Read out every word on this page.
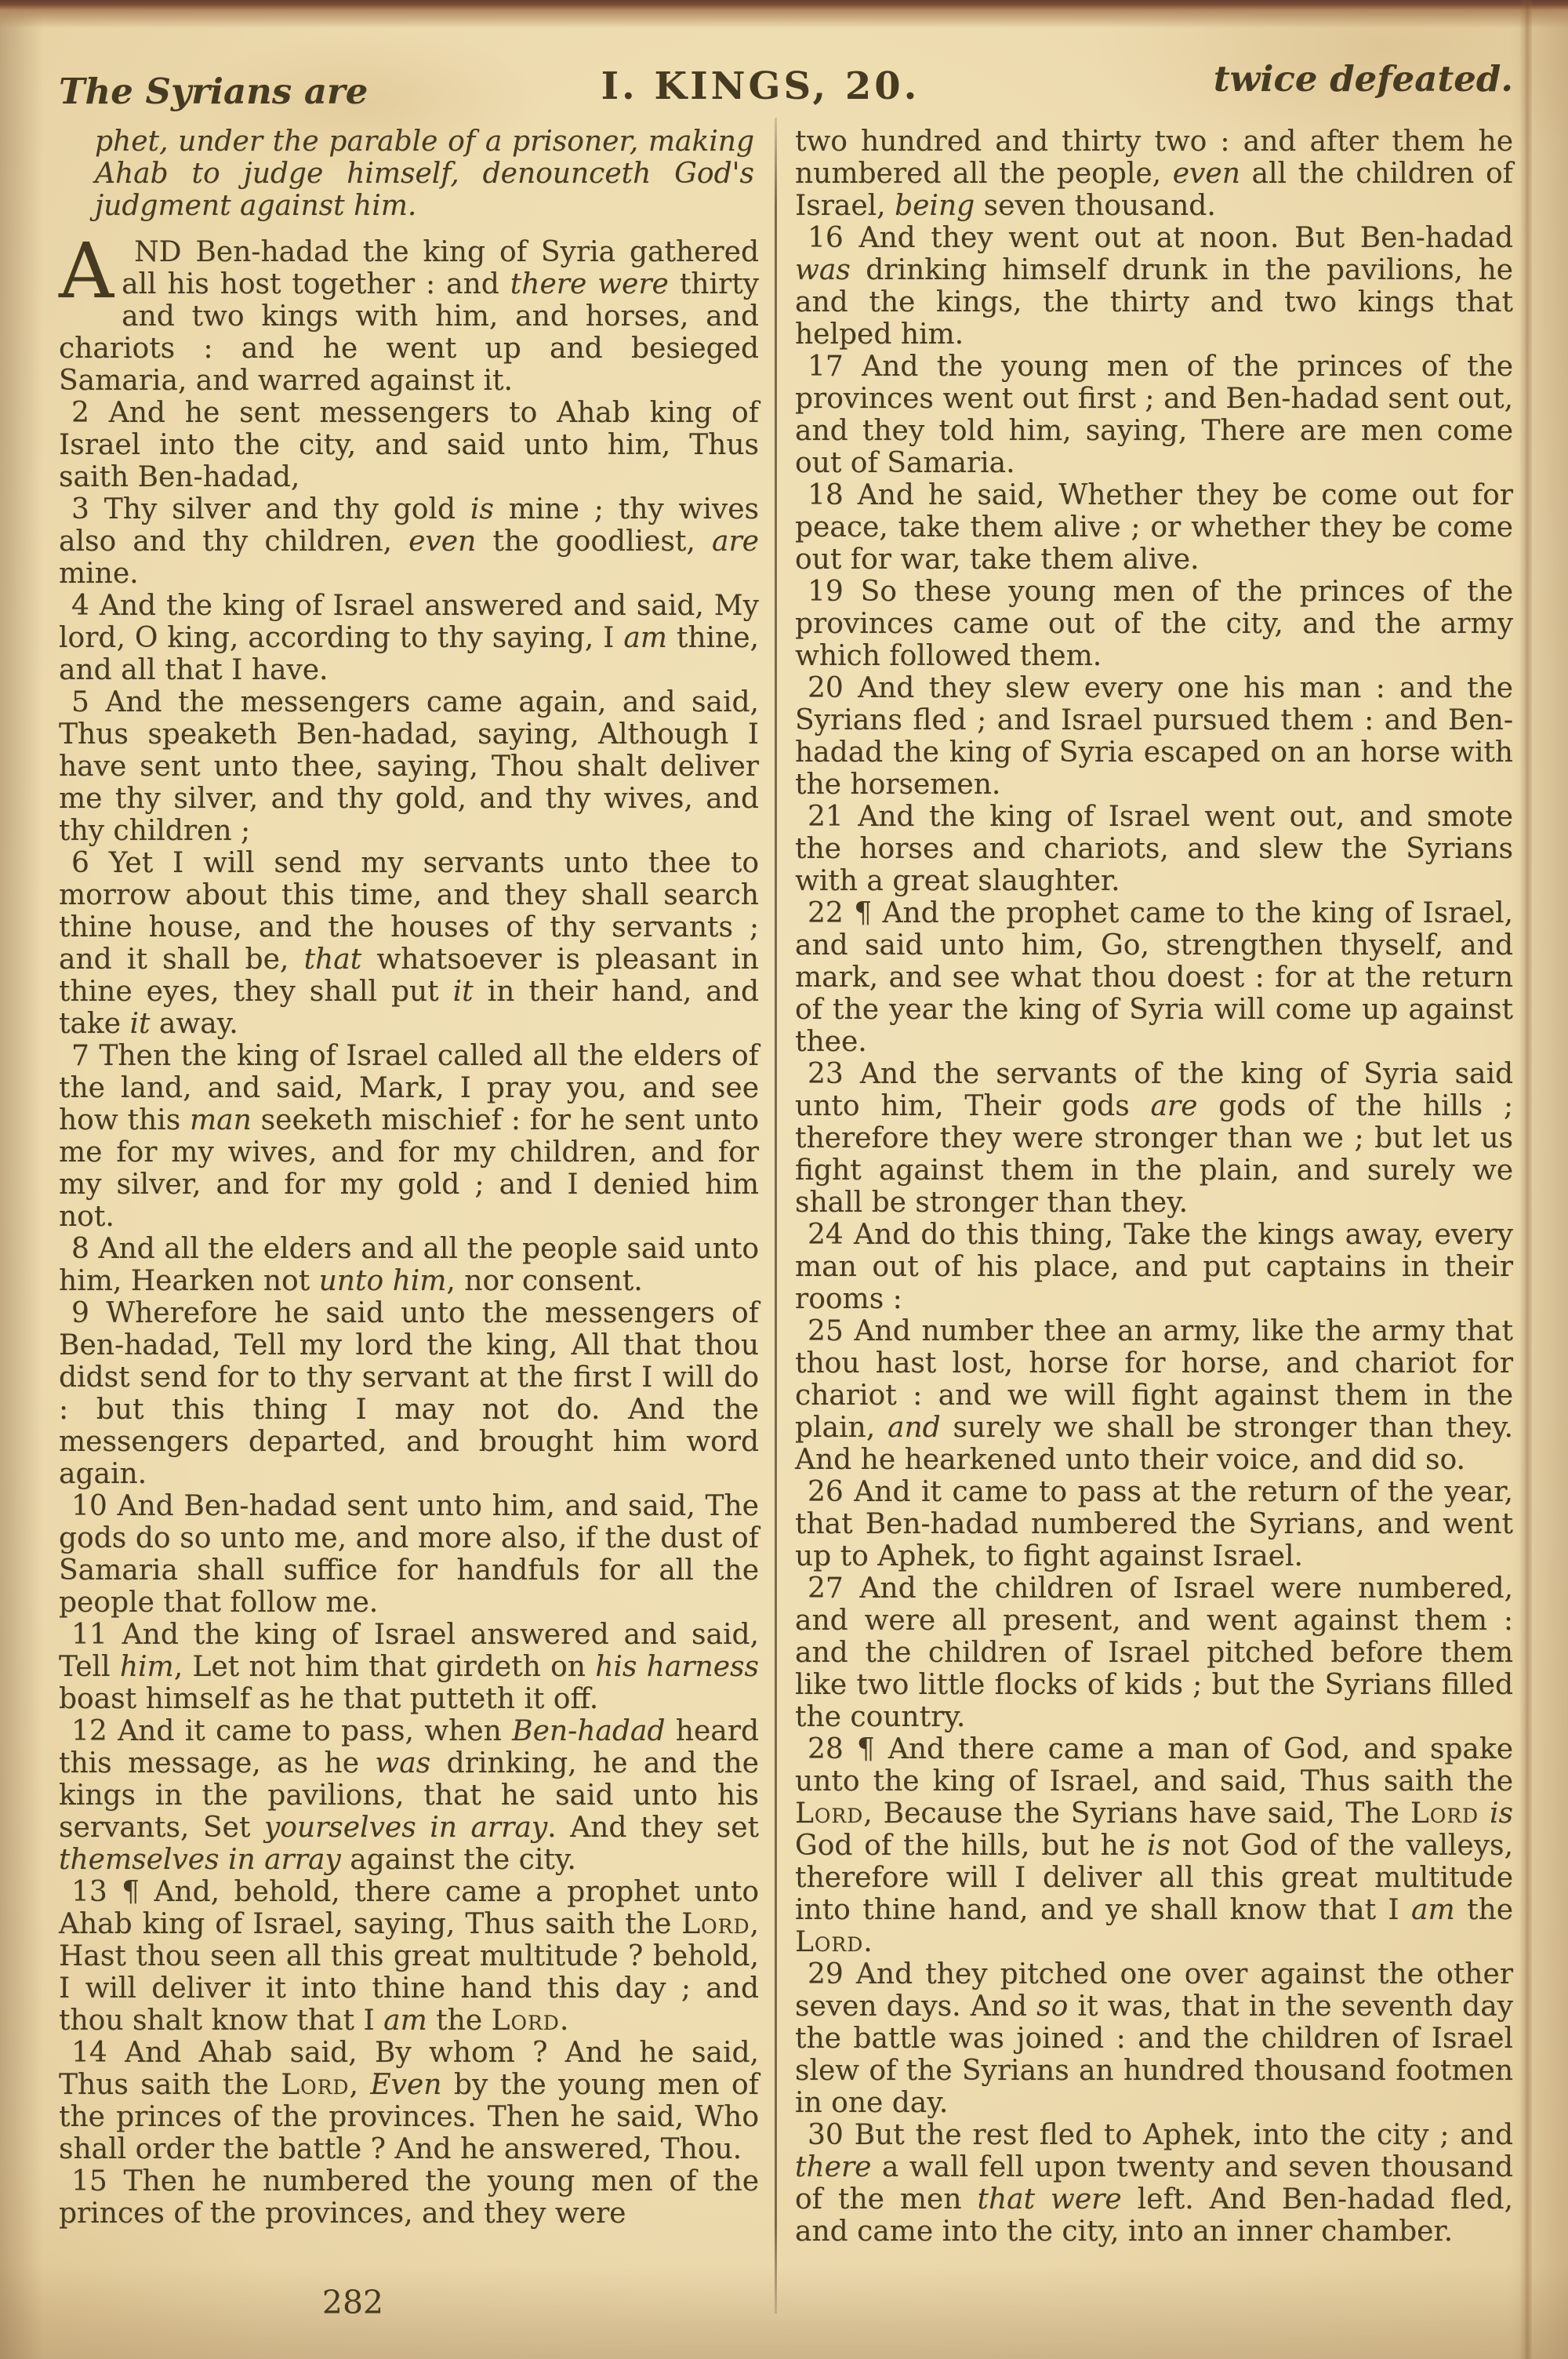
The Syrians are	I. KINGS, 20.	twice defeated.

phet, under the parable of a prisoner, making Ahab to judge himself, denounceth God's judgment against him.

AND Ben-hadad the king of Syria gathered all his host together : and there were thirty and two kings with him, and horses, and chariots : and he went up and besieged Samaria, and warred against it.

2 And he sent messengers to Ahab king of Israel into the city, and said unto him, Thus saith Ben-hadad,

3 Thy silver and thy gold is mine ; thy wives also and thy children, even the goodliest, are mine.

4 And the king of Israel answered and said, My lord, O king, according to thy saying, I am thine, and all that I have.

5 And the messengers came again, and said, Thus speaketh Ben-hadad, saying, Although I have sent unto thee, saying, Thou shalt deliver me thy silver, and thy gold, and thy wives, and thy children ;

6 Yet I will send my servants unto thee to morrow about this time, and they shall search thine house, and the houses of thy servants ; and it shall be, that whatsoever is pleasant in thine eyes, they shall put it in their hand, and take it away.

7 Then the king of Israel called all the elders of the land, and said, Mark, I pray you, and see how this man seeketh mischief : for he sent unto me for my wives, and for my children, and for my silver, and for my gold ; and I denied him not.

8 And all the elders and all the people said unto him, Hearken not unto him, nor consent.

9 Wherefore he said unto the messengers of Ben-hadad, Tell my lord the king, All that thou didst send for to thy servant at the first I will do : but this thing I may not do. And the messengers departed, and brought him word again.

10 And Ben-hadad sent unto him, and said, The gods do so unto me, and more also, if the dust of Samaria shall suffice for handfuls for all the people that follow me.

11 And the king of Israel answered and said, Tell him, Let not him that girdeth on his harness boast himself as he that putteth it off.

12 And it came to pass, when Ben-hadad heard this message, as he was drinking, he and the kings in the pavilions, that he said unto his servants, Set yourselves in array. And they set themselves in array against the city.

13 ¶ And, behold, there came a prophet unto Ahab king of Israel, saying, Thus saith the Lord, Hast thou seen all this great multitude ? behold, I will deliver it into thine hand this day ; and thou shalt know that I am the Lord.

14 And Ahab said, By whom ? And he said, Thus saith the Lord, Even by the young men of the princes of the provinces. Then he said, Who shall order the battle ? And he answered, Thou.

15 Then he numbered the young men of the princes of the provinces, and they were

two hundred and thirty two : and after them he numbered all the people, even all the children of Israel, being seven thousand.

16 And they went out at noon. But Ben-hadad was drinking himself drunk in the pavilions, he and the kings, the thirty and two kings that helped him.

17 And the young men of the princes of the provinces went out first ; and Ben-hadad sent out, and they told him, saying, There are men come out of Samaria.

18 And he said, Whether they be come out for peace, take them alive ; or whether they be come out for war, take them alive.

19 So these young men of the princes of the provinces came out of the city, and the army which followed them.

20 And they slew every one his man : and the Syrians fled ; and Israel pursued them : and Ben-hadad the king of Syria escaped on an horse with the horsemen.

21 And the king of Israel went out, and smote the horses and chariots, and slew the Syrians with a great slaughter.

22 ¶ And the prophet came to the king of Israel, and said unto him, Go, strengthen thyself, and mark, and see what thou doest : for at the return of the year the king of Syria will come up against thee.

23 And the servants of the king of Syria said unto him, Their gods are gods of the hills ; therefore they were stronger than we ; but let us fight against them in the plain, and surely we shall be stronger than they.

24 And do this thing, Take the kings away, every man out of his place, and put captains in their rooms :

25 And number thee an army, like the army that thou hast lost, horse for horse, and chariot for chariot : and we will fight against them in the plain, and surely we shall be stronger than they. And he hearkened unto their voice, and did so.

26 And it came to pass at the return of the year, that Ben-hadad numbered the Syrians, and went up to Aphek, to fight against Israel.

27 And the children of Israel were numbered, and were all present, and went against them : and the children of Israel pitched before them like two little flocks of kids ; but the Syrians filled the country.

28 ¶ And there came a man of God, and spake unto the king of Israel, and said, Thus saith the Lord, Because the Syrians have said, The Lord is God of the hills, but he is not God of the valleys, therefore will I deliver all this great multitude into thine hand, and ye shall know that I am the Lord.

29 And they pitched one over against the other seven days. And so it was, that in the seventh day the battle was joined : and the children of Israel slew of the Syrians an hundred thousand footmen in one day.

30 But the rest fled to Aphek, into the city ; and there a wall fell upon twenty and seven thousand of the men that were left. And Ben-hadad fled, and came into the city, into an inner chamber.

282
